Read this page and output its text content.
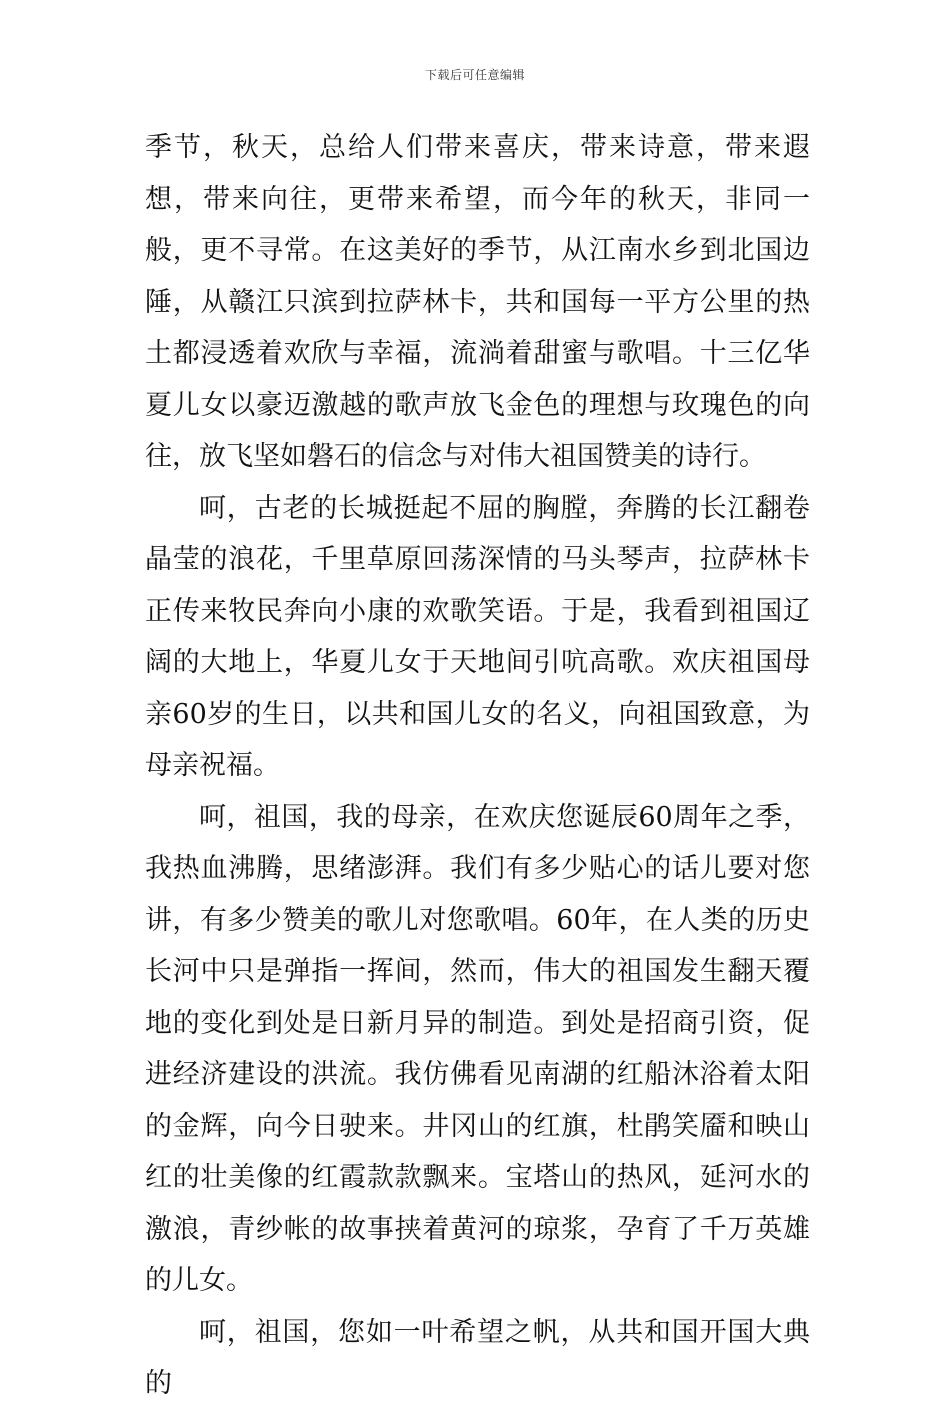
下载后可任意编辑

季节，秋天，总给人们带来喜庆，带来诗意，带来遐想，带来向往，更带来希望，而今年的秋天，非同一般，更不寻常。在这美好的季节，从江南水乡到北国边陲，从赣江只滨到拉萨林卡，共和国每一平方公里的热土都浸透着欢欣与幸福，流淌着甜蜜与歌唱。十三亿华夏儿女以豪迈激越的歌声放飞金色的理想与玫瑰色的向往，放飞坚如磐石的信念与对伟大祖国赞美的诗行。

呵，古老的长城挺起不屈的胸膛，奔腾的长江翻卷晶莹的浪花，千里草原回荡深情的马头琴声，拉萨林卡正传来牧民奔向小康的欢歌笑语。于是，我看到祖国辽阔的大地上，华夏儿女于天地间引吭高歌。欢庆祖国母亲60岁的生日，以共和国儿女的名义，向祖国致意，为母亲祝福。

呵，祖国，我的母亲，在欢庆您诞辰60周年之季，我热血沸腾，思绪澎湃。我们有多少贴心的话儿要对您讲，有多少赞美的歌儿对您歌唱。60年，在人类的历史长河中只是弹指一挥间，然而，伟大的祖国发生翻天覆地的变化到处是日新月异的制造。到处是招商引资，促进经济建设的洪流。我仿佛看见南湖的红船沐浴着太阳的金辉，向今日驶来。井冈山的红旗，杜鹃笑靥和映山红的壮美像的红霞款款飘来。宝塔山的热风，延河水的激浪，青纱帐的故事挟着黄河的琼浆，孕育了千万英雄的儿女。

呵，祖国，您如一叶希望之帆，从共和国开国大典的
